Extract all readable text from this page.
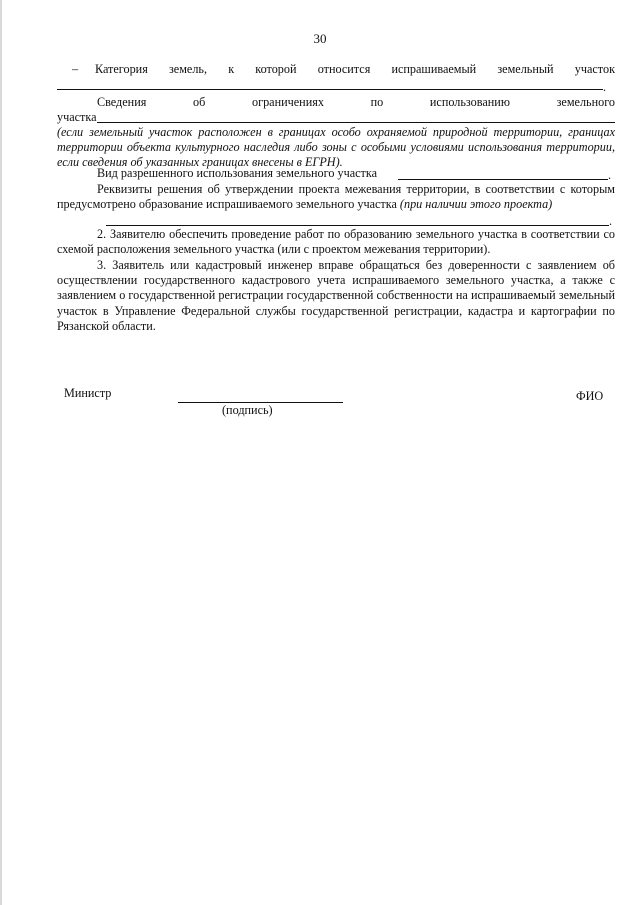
30
– Категория земель, к которой относится испрашиваемый земельный участок
.
Сведения об ограничениях по использованию земельного
участка
(если земельный участок расположен в границах особо охраняемой природной территории, границах территории объекта культурного наследия либо зоны с особыми условиями использования территории, если сведения об указанных границах внесены в ЕГРН).
Вид разрешенного использования земельного участка	.
Реквизиты решения об утверждении проекта межевания территории, в соответствии с которым предусмотрено образование испрашиваемого земельного участка (при наличии этого проекта)
.
2. Заявителю обеспечить проведение работ по образованию земельного участка в соответствии со схемой расположения земельного участка (или с проектом межевания территории).
3. Заявитель или кадастровый инженер вправе обращаться без доверенности с заявлением об осуществлении государственного кадастрового учета испрашиваемого земельного участка, а также с заявлением о государственной регистрации государственной собственности на испрашиваемый земельный участок в Управление Федеральной службы государственной регистрации, кадастра и картографии по Рязанской области.
Министр
(подпись)
ФИО
